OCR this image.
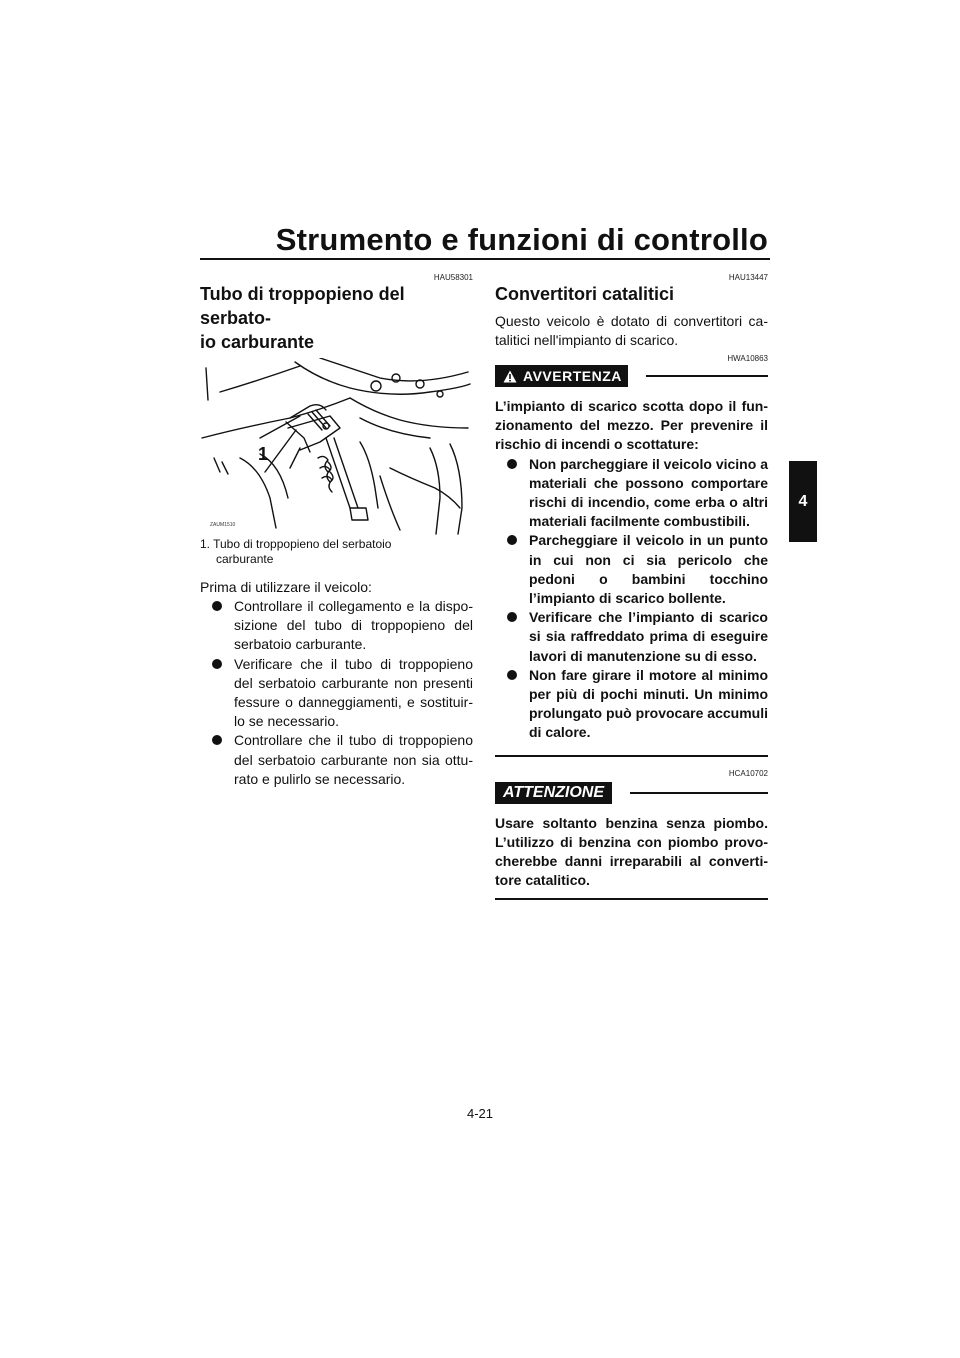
Strumento e funzioni di controllo
4
HAU58301
Tubo di troppopieno del serbato-
io carburante
1
ZAUM1510
1. Tubo di troppopieno del serbatoio
carburante

Prima di utilizzare il veicolo:

Controllare il collegamento e la dispo- sizione del tubo di troppopieno del serbatoio carburante.
Verificare che il tubo di troppopieno del serbatoio carburante non presenti fessure o danneggiamenti, e sostituir- lo se necessario.
Controllare che il tubo di troppopieno del serbatoio carburante non sia ottu- rato e pulirlo se necessario.
HAU13447
Convertitori catalitici

Questo veicolo è dotato di convertitori ca- talitici nell'impianto di scarico.

HWA10863
AVVERTENZA

L’impianto di scarico scotta dopo il fun- zionamento del mezzo. Per prevenire il rischio di incendi o scottature:

Non parcheggiare il veicolo vicino a materiali che possono comportare rischi di incendio, come erba o altri materiali facilmente combustibili.
Parcheggiare il veicolo in un punto in cui non ci sia pericolo che pedoni o bambini tocchino l’impianto di scarico bollente.
Verificare che l’impianto di scarico si sia raffreddato prima di eseguire lavori di manutenzione su di esso.
Non fare girare il motore al minimo per più di pochi minuti. Un minimo prolungato può provocare accumuli di calore.
HCA10702
ATTENZIONE

Usare soltanto benzina senza piombo. L’utilizzo di benzina con piombo provo- cherebbe danni irreparabili al converti- tore catalitico.

4-21
